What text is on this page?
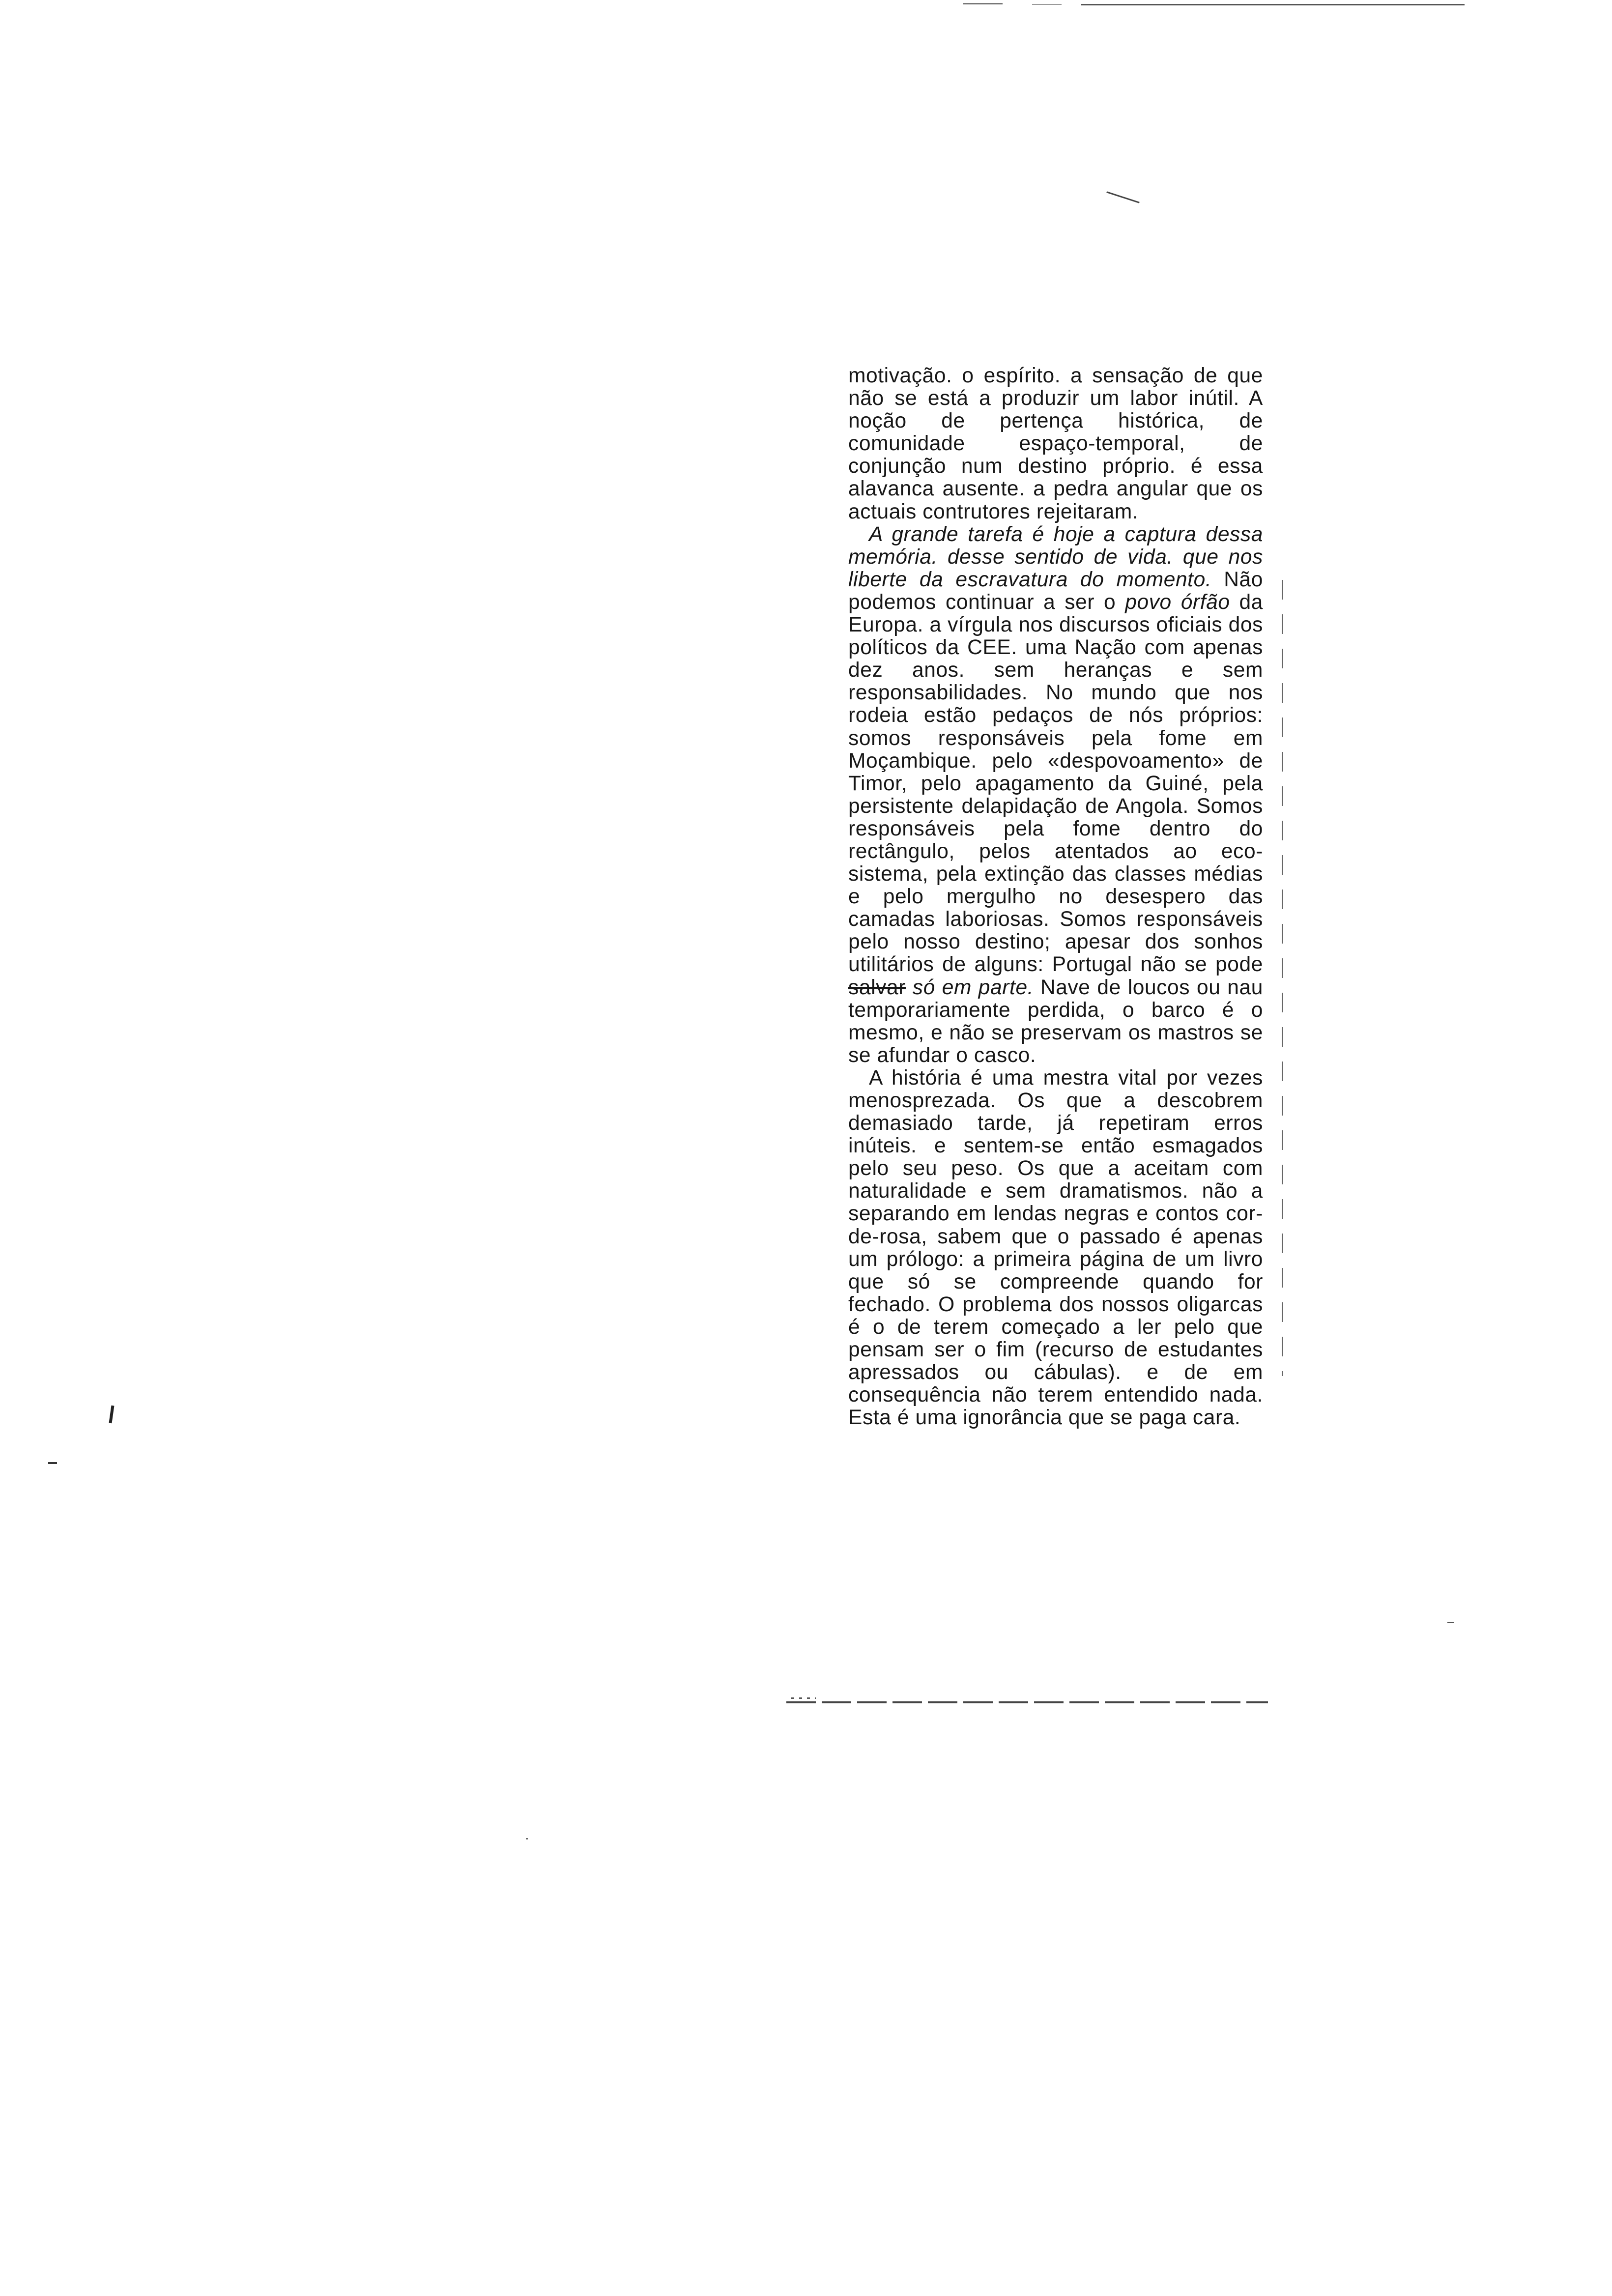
motivação. o espírito. a sensação de que não se está a produzir um labor inútil. A noção de pertença histórica, de comunidade espaço-temporal, de conjunção num destino próprio. é essa alavanca ausente. a pedra angular que os actuais contrutores rejeitaram.

A grande tarefa é hoje a captura dessa memória. desse sentido de vida. que nos liberte da escravatura do momento. Não podemos continuar a ser o povo órfão da Europa. a vírgula nos discursos oficiais dos políticos da CEE. uma Nação com apenas dez anos. sem heranças e sem responsabilidades. No mundo que nos rodeia estão pedaços de nós próprios: somos responsáveis pela fome em Moçambique. pelo «despovoamento» de Timor, pelo apagamento da Guiné, pela persistente delapidação de Angola. Somos responsáveis pela fome dentro do rectângulo, pelos atentados ao eco-sistema, pela extinção das classes médias e pelo mergulho no desespero das camadas laboriosas. Somos responsáveis pelo nosso destino; apesar dos sonhos utilitários de alguns: Portugal não se pode salvar só em parte. Nave de loucos ou nau temporariamente perdida, o barco é o mesmo, e não se preservam os mastros se se afundar o casco.

A história é uma mestra vital por vezes menosprezada. Os que a descobrem demasiado tarde, já repetiram erros inúteis. e sentem-se então esmagados pelo seu peso. Os que a aceitam com naturalidade e sem dramatismos. não a separando em lendas negras e contos cor-de-rosa, sabem que o passado é apenas um prólogo: a primeira página de um livro que só se compreende quando for fechado. O problema dos nossos oligarcas é o de terem começado a ler pelo que pensam ser o fim (recurso de estudantes apressados ou cábulas). e de em consequência não terem entendido nada. Esta é uma ignorância que se paga cara.
